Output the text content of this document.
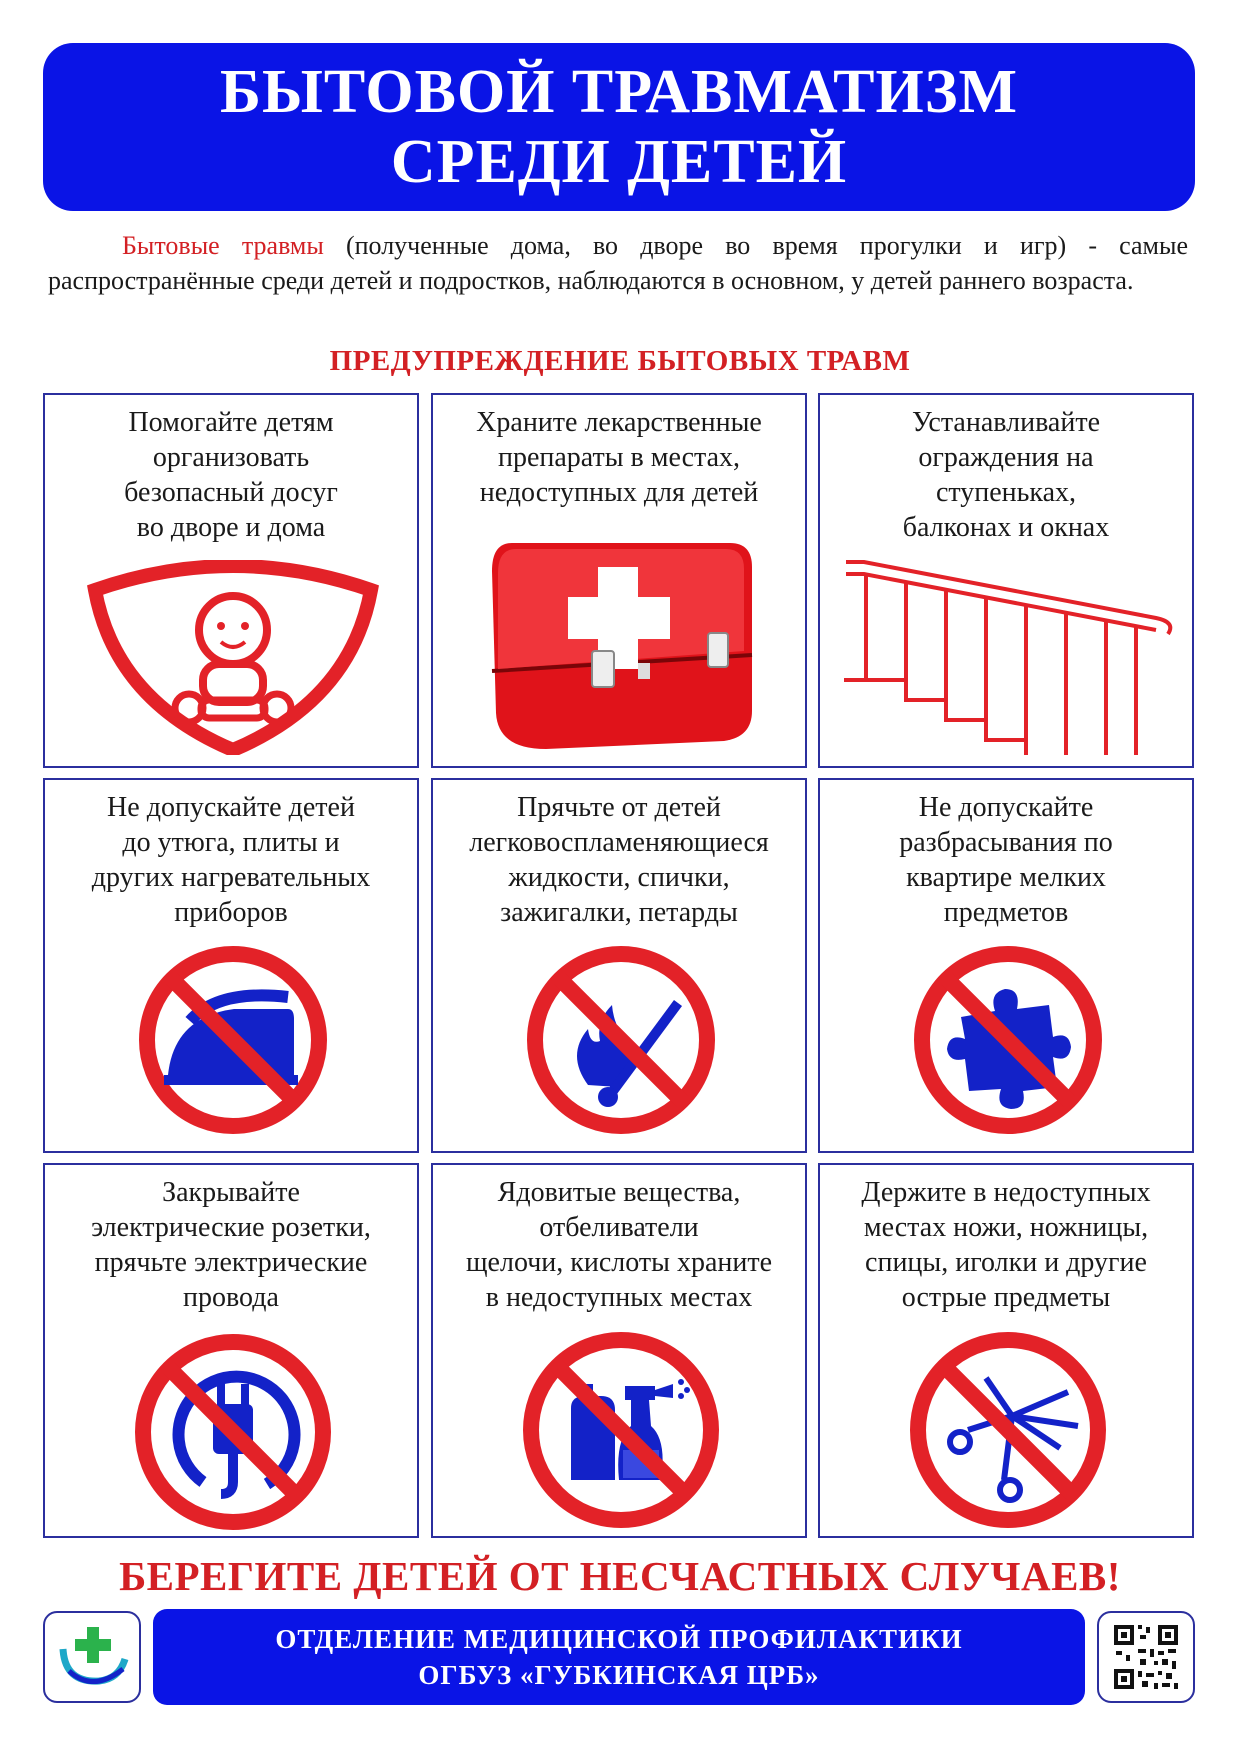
БЫТОВОЙ ТРАВМАТИЗМ
СРЕДИ ДЕТЕЙ

Бытовые травмы (полученные дома, во дворе во время прогулки и игр) - самые распространённые среди детей и подростков, наблюдаются в основном, у детей раннего возраста.

ПРЕДУПРЕЖДЕНИЕ БЫТОВЫХ ТРАВМ
Помогайте детям
организовать
безопасный досуг
во дворе и дома
Храните лекарственные
препараты в местах,
недоступных для детей
Устанавливайте
ограждения на
ступеньках,
балконах и окнах
Не допускайте детей
до утюга, плиты и
других нагревательных
приборов
Прячьте от детей
легковоспламеняющиеся
жидкости, спички,
зажигалки, петарды
Не допускайте
разбрасывания по
квартире мелких
предметов
Закрывайте
электрические розетки,
прячьте электрические
провода
Ядовитые вещества,
отбеливатели
щелочи, кислоты храните
в недоступных местах
Держите в недоступных
местах ножи, ножницы,
спицы, иголки и другие
острые предметы
БЕРЕГИТЕ ДЕТЕЙ ОТ НЕСЧАСТНЫХ СЛУЧАЕВ!
ОТДЕЛЕНИЕ МЕДИЦИНСКОЙ ПРОФИЛАКТИКИ
ОГБУЗ «ГУБКИНСКАЯ ЦРБ»
